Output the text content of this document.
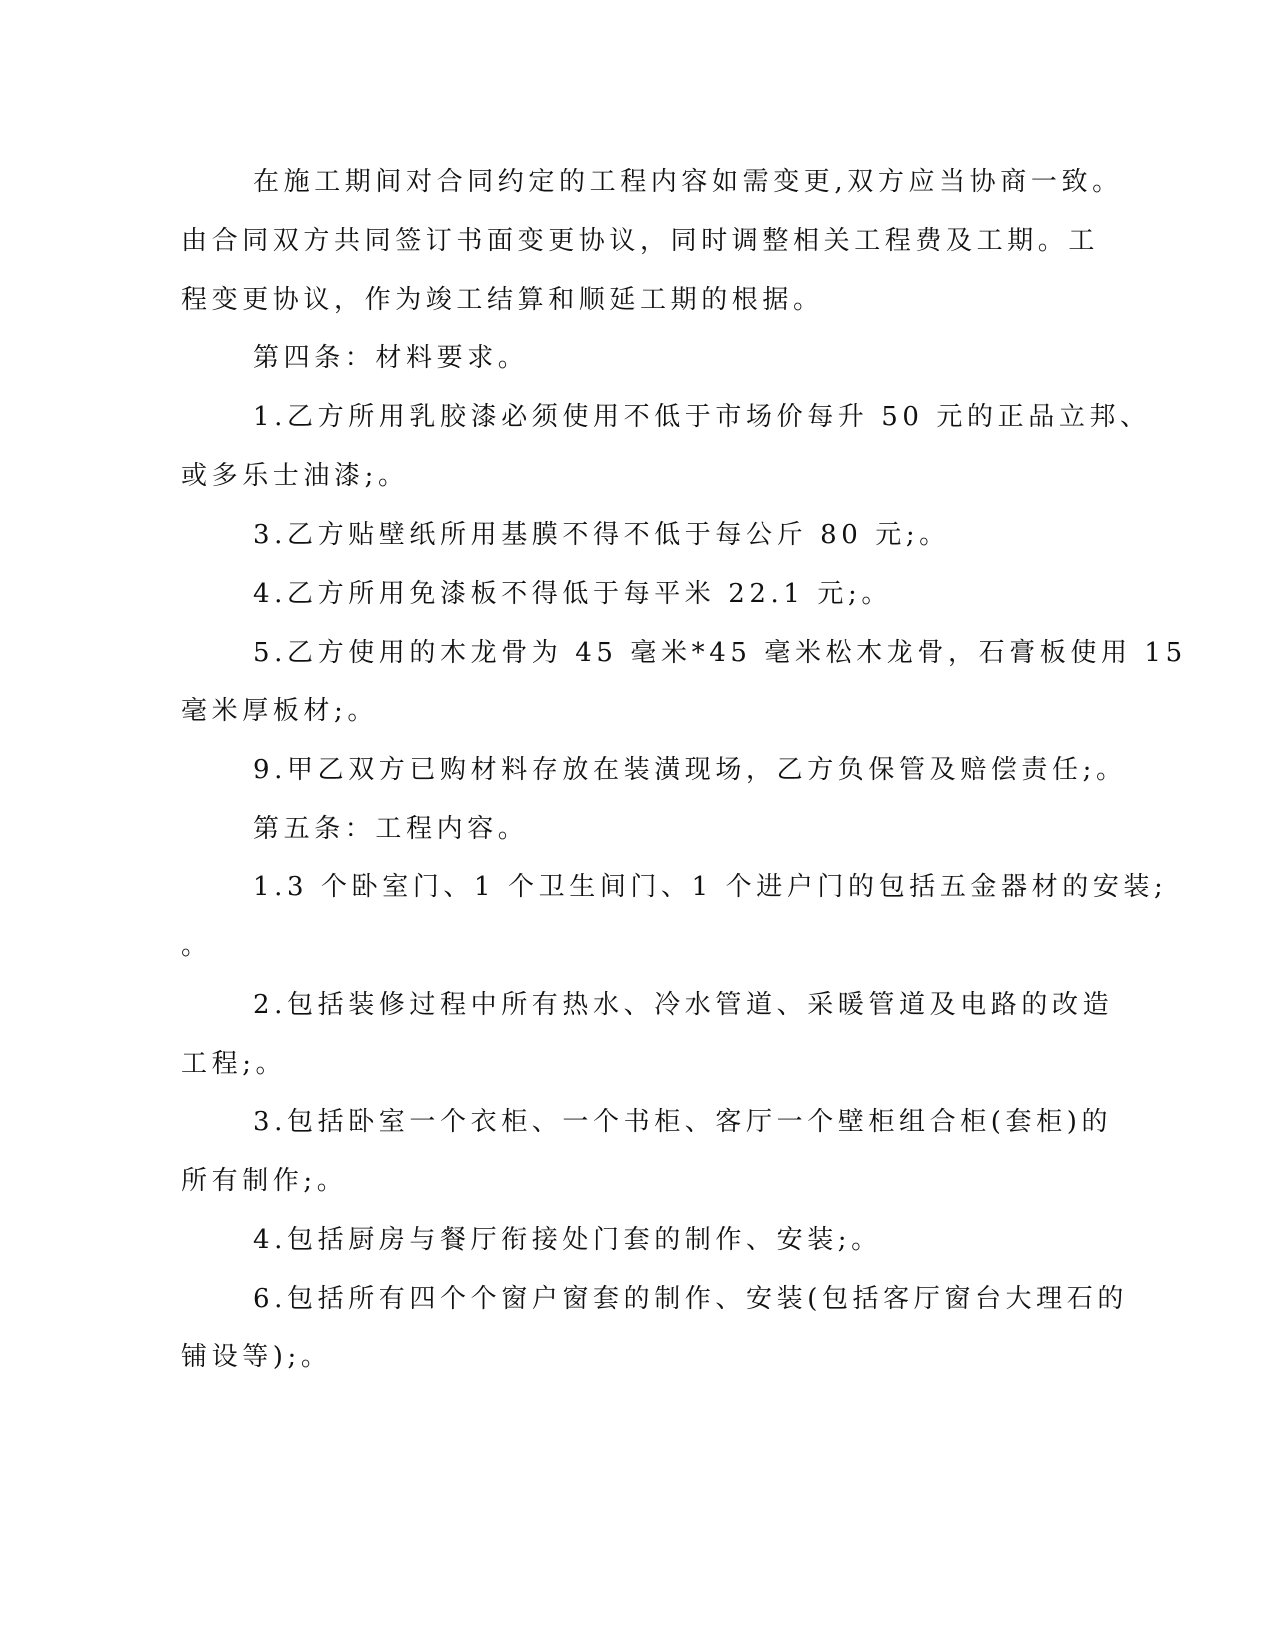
在施工期间对合同约定的工程内容如需变更,双方应当协商一致。
由合同双方共同签订书面变更协议，同时调整相关工程费及工期。工
程变更协议，作为竣工结算和顺延工期的根据。
第四条：材料要求。
1.乙方所用乳胶漆必须使用不低于市场价每升 50 元的正品立邦、
或多乐士油漆;。
3.乙方贴壁纸所用基膜不得不低于每公斤 80 元;。
4.乙方所用免漆板不得低于每平米 22.1 元;。
5.乙方使用的木龙骨为 45 毫米*45 毫米松木龙骨，石膏板使用 15
毫米厚板材;。
9.甲乙双方已购材料存放在装潢现场，乙方负保管及赔偿责任;。
第五条：工程内容。
1.3 个卧室门、1 个卫生间门、1 个进户门的包括五金器材的安装;
。
2.包括装修过程中所有热水、冷水管道、采暖管道及电路的改造
工程;。
3.包括卧室一个衣柜、一个书柜、客厅一个壁柜组合柜(套柜)的
所有制作;。
4.包括厨房与餐厅衔接处门套的制作、安装;。
6.包括所有四个个窗户窗套的制作、安装(包括客厅窗台大理石的
铺设等);。
